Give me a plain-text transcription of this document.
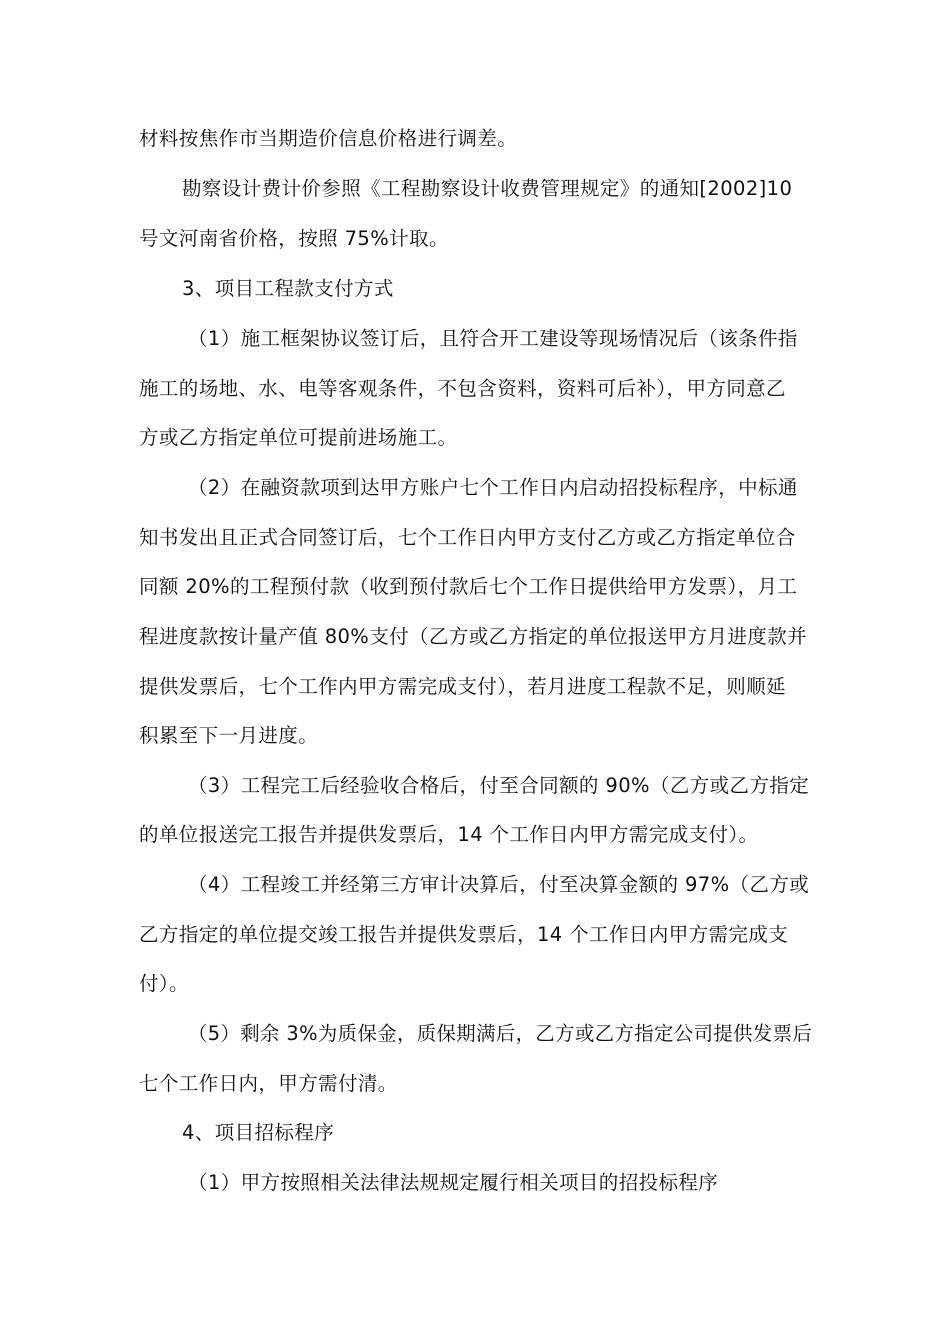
材料按焦作市当期造价信息价格进行调差。
勘察设计费计价参照《工程勘察设计收费管理规定》的通知[2002]10
号文河南省价格，按照 75%计取。
3、项目工程款支付方式
（1）施工框架协议签订后，且符合开工建设等现场情况后（该条件指
施工的场地、水、电等客观条件，不包含资料，资料可后补），甲方同意乙
方或乙方指定单位可提前进场施工。
（2）在融资款项到达甲方账户七个工作日内启动招投标程序，中标通
知书发出且正式合同签订后，七个工作日内甲方支付乙方或乙方指定单位合
同额 20%的工程预付款（收到预付款后七个工作日提供给甲方发票），月工
程进度款按计量产值 80%支付（乙方或乙方指定的单位报送甲方月进度款并
提供发票后，七个工作内甲方需完成支付），若月进度工程款不足，则顺延
积累至下一月进度。
（3）工程完工后经验收合格后，付至合同额的 90%（乙方或乙方指定
的单位报送完工报告并提供发票后，14 个工作日内甲方需完成支付）。
（4）工程竣工并经第三方审计决算后，付至决算金额的 97%（乙方或
乙方指定的单位提交竣工报告并提供发票后，14 个工作日内甲方需完成支
付）。
（5）剩余 3%为质保金，质保期满后，乙方或乙方指定公司提供发票后
七个工作日内，甲方需付清。
4、项目招标程序
（1）甲方按照相关法律法规规定履行相关项目的招投标程序
